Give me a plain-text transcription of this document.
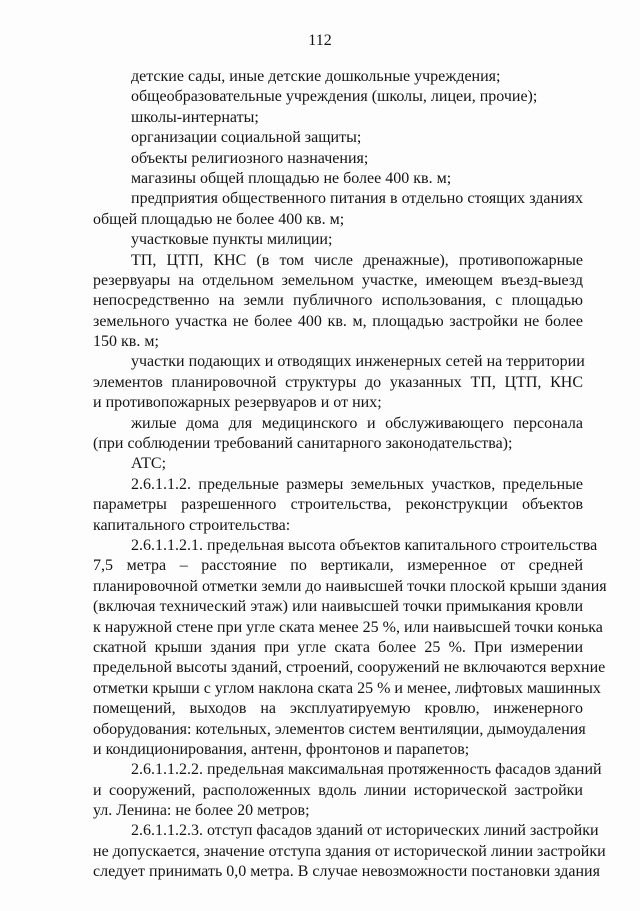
112
детские сады, иные детские дошкольные учреждения;
общеобразовательные учреждения (школы, лицеи, прочие);
школы-интернаты;
организации социальной защиты;
объекты религиозного назначения;
магазины общей площадью не более 400 кв. м;
предприятия общественного питания в отдельно стоящих зданиях
общей площадью не более 400 кв. м;
участковые пункты милиции;
ТП, ЦТП, КНС (в том числе дренажные), противопожарные
резервуары на отдельном земельном участке, имеющем въезд-выезд
непосредственно на земли публичного использования, с площадью
земельного участка не более 400 кв. м, площадью застройки не более
150 кв. м;
участки подающих и отводящих инженерных сетей на территории
элементов планировочной структуры до указанных ТП, ЦТП, КНС
и противопожарных резервуаров и от них;
жилые дома для медицинского и обслуживающего персонала
(при соблюдении требований санитарного законодательства);
АТС;
2.6.1.1.2. предельные размеры земельных участков, предельные
параметры разрешенного строительства, реконструкции объектов
капитального строительства:
2.6.1.1.2.1. предельная высота объектов капитального строительства
7,5 метра – расстояние по вертикали, измеренное от средней
планировочной отметки земли до наивысшей точки плоской крыши здания
(включая технический этаж) или наивысшей точки примыкания кровли
к наружной стене при угле ската менее 25 %, или наивысшей точки конька
скатной крыши здания при угле ската более 25 %. При измерении
предельной высоты зданий, строений, сооружений не включаются верхние
отметки крыши с углом наклона ската 25 % и менее, лифтовых машинных
помещений, выходов на эксплуатируемую кровлю, инженерного
оборудования: котельных, элементов систем вентиляции, дымоудаления
и кондиционирования, антенн, фронтонов и парапетов;
2.6.1.1.2.2. предельная максимальная протяженность фасадов зданий
и сооружений, расположенных вдоль линии исторической застройки
ул. Ленина: не более 20 метров;
2.6.1.1.2.3. отступ фасадов зданий от исторических линий застройки
не допускается, значение отступа здания от исторической линии застройки
следует принимать 0,0 метра. В случае невозможности постановки здания
